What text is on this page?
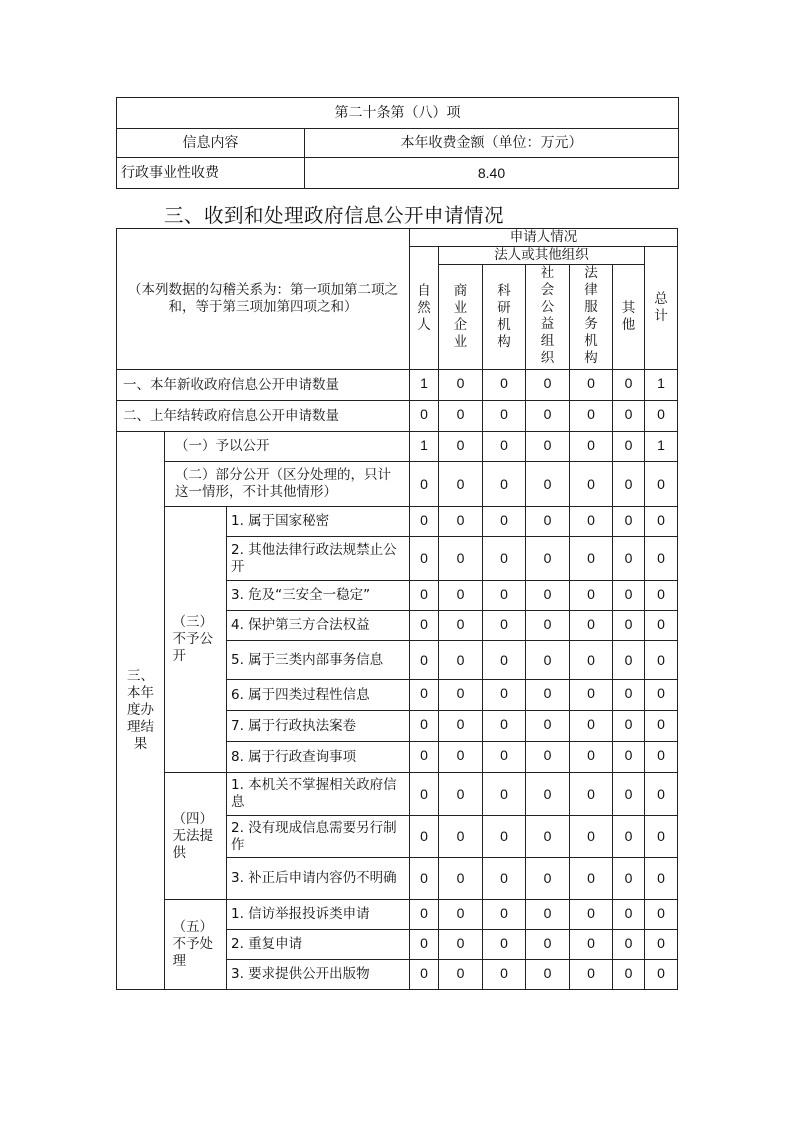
第二十条第（八）项	
信息内容	本年收费金额（单位：万元）
行政事业性收费	8.40
三、收到和处理政府信息公开申请情况
（本列数据的勾稽关系为：第一项加第二项之和，等于第三项加第四项之和）			申请人情况						
			自然人	法人或其他组织					总计
				商业企业	科研机构	社会公益组织	法律服务机构	其他	
一、本年新收政府信息公开申请数量			1	0	0	0	0	0	1
二、上年结转政府信息公开申请数量			0	0	0	0	0	0	0
三、本年度办理结果	（一）予以公开		1	0	0	0	0	0	1
	（二）部分公开（区分处理的，只计这一情形，不计其他情形）		0	0	0	0	0	0	0
	（三）不予公开	1. 属于国家秘密	0	0	0	0	0	0	0
		2. 其他法律行政法规禁止公开	0	0	0	0	0	0	0
		3. 危及“三安全一稳定”	0	0	0	0	0	0	0
		4. 保护第三方合法权益	0	0	0	0	0	0	0
		5. 属于三类内部事务信息	0	0	0	0	0	0	0
		6. 属于四类过程性信息	0	0	0	0	0	0	0
		7. 属于行政执法案卷	0	0	0	0	0	0	0
		8. 属于行政查询事项	0	0	0	0	0	0	0
	（四）无法提供	1. 本机关不掌握相关政府信息	0	0	0	0	0	0	0
		2. 没有现成信息需要另行制作	0	0	0	0	0	0	0
		3. 补正后申请内容仍不明确	0	0	0	0	0	0	0
	（五）不予处理	1. 信访举报投诉类申请	0	0	0	0	0	0	0
		2. 重复申请	0	0	0	0	0	0	0
		3. 要求提供公开出版物	0	0	0	0	0	0	0
